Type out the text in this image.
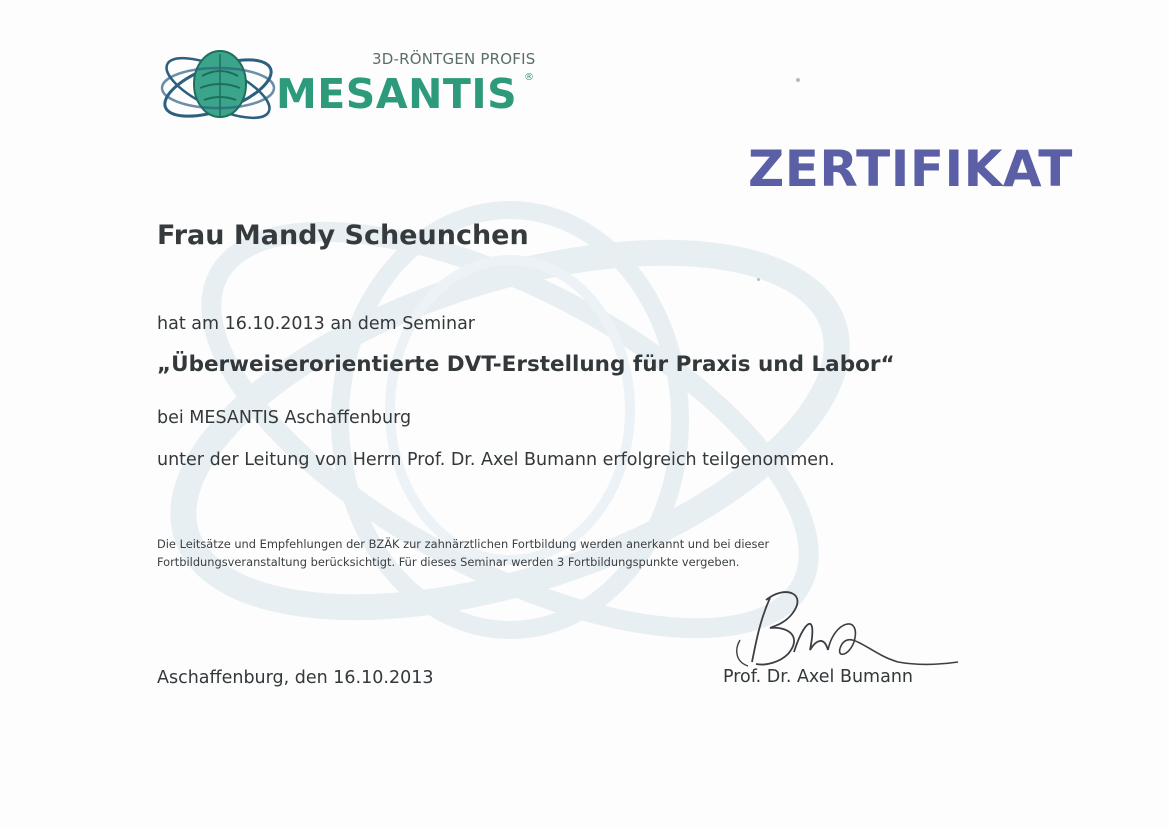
3D-RÖNTGEN PROFIS
MESANTIS ®
ZERTIFIKAT
Frau Mandy Scheunchen
hat am 16.10.2013 an dem Seminar
„Überweiserorientierte DVT-Erstellung für Praxis und Labor“
bei MESANTIS Aschaffenburg
unter der Leitung von Herrn Prof. Dr. Axel Bumann erfolgreich teilgenommen.
Die Leitsätze und Empfehlungen der BZÄK zur zahnärztlichen Fortbildung werden anerkannt und bei dieser
Fortbildungsveranstaltung berücksichtigt. Für dieses Seminar werden 3 Fortbildungspunkte vergeben.
Aschaffenburg, den 16.10.2013	Prof. Dr. Axel Bumann
